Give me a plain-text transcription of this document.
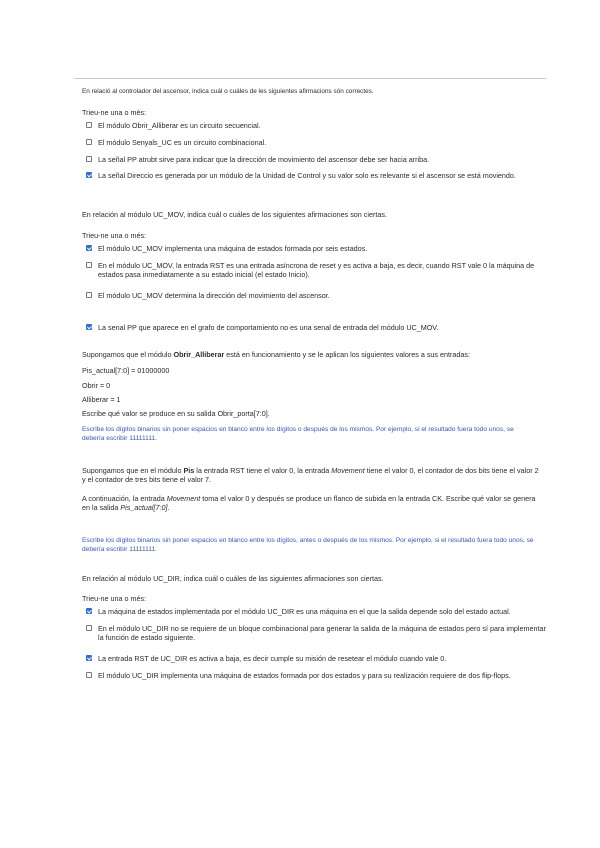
En relació al controlador del ascensor, indica cuál o cuáles de les siguientes afirmacions són correctes.
Trieu-ne una o més:
El módulo Obrir_Alliberar es un circuito secuencial.
El módulo Senyals_UC es un circuito combinacional.
La señal PP atrubt sirve para indicar que la dirección de movimiento del ascensor debe ser hacia arriba.
La señal Direccio es generada por un módulo de la Unidad de Control y su valor solo es relevante si el ascensor se está moviendo.
En relación al módulo UC_MOV, indica cuál o cuáles de los siguientes afirmaciones son ciertas.
Trieu-ne una o més:
El módulo UC_MOV implementa una máquina de estados formada por seis estados.
En el módulo UC_MOV, la entrada RST es una entrada asíncrona de reset y es activa a baja, es decir, cuando RST vale 0 la máquina de estados pasa inmediatamente a su estado inicial (el estado Inicio).
El módulo UC_MOV determina la dirección del movimiento del ascensor.
La senal PP que aparece en el grafo de comportamiento no es una senal de entrada del módulo UC_MOV.
Supongamos que el módulo Obrir_Alliberar está en funcionamiento y se le aplican los siguientes valores a sus entradas:
Pis_actual[7:0] = 01000000
Obrir = 0
Alliberar = 1
Escribe qué valor se produce en su salida Obrir_porta[7:0].
Escribe los dígitos binarios sin poner espacios en blanco entre los dígitos o después de los mismos. Por ejemplo, si el resultado fuera todo unos, se debería escribir 11111111.
Supongamos que en el módulo Pis la entrada RST tiene el valor 0, la entrada Movement tiene el valor 0, el contador de dos bits tiene el valor 2 y el contador de tres bits tiene el valor 7.
A continuación, la entrada Movement toma el valor 0 y después se produce un flanco de subida en la entrada CK. Escribe qué valor se genera en la salida Pis_actual[7:0].
Escribe los dígitos binarios sin poner espacios en blanco entre los dígitos, antes o después de los mismos. Por ejemplo, si el resultado fuera todo unos, se debería escribir 11111111.
En relación al módulo UC_DIR, indica cuál o cuáles de las siguientes afirmaciones son ciertas.
Trieu-ne una o més:
La máquina de estados implementada por el módulo UC_DIR es una máquina en el que la salida depende solo del estado actual.
En el módulo UC_DIR no se requiere de un bloque combinacional para generar la salida de la máquina de estados pero sí para implementar la función de estado siguiente.
La entrada RST de UC_DIR es activa a baja, es decir cumple su misión de resetear el módulo cuando vale 0.
El módulo UC_DIR implementa una máquina de estados formada por dos estados y para su realización requiere de dos flip-flops.
